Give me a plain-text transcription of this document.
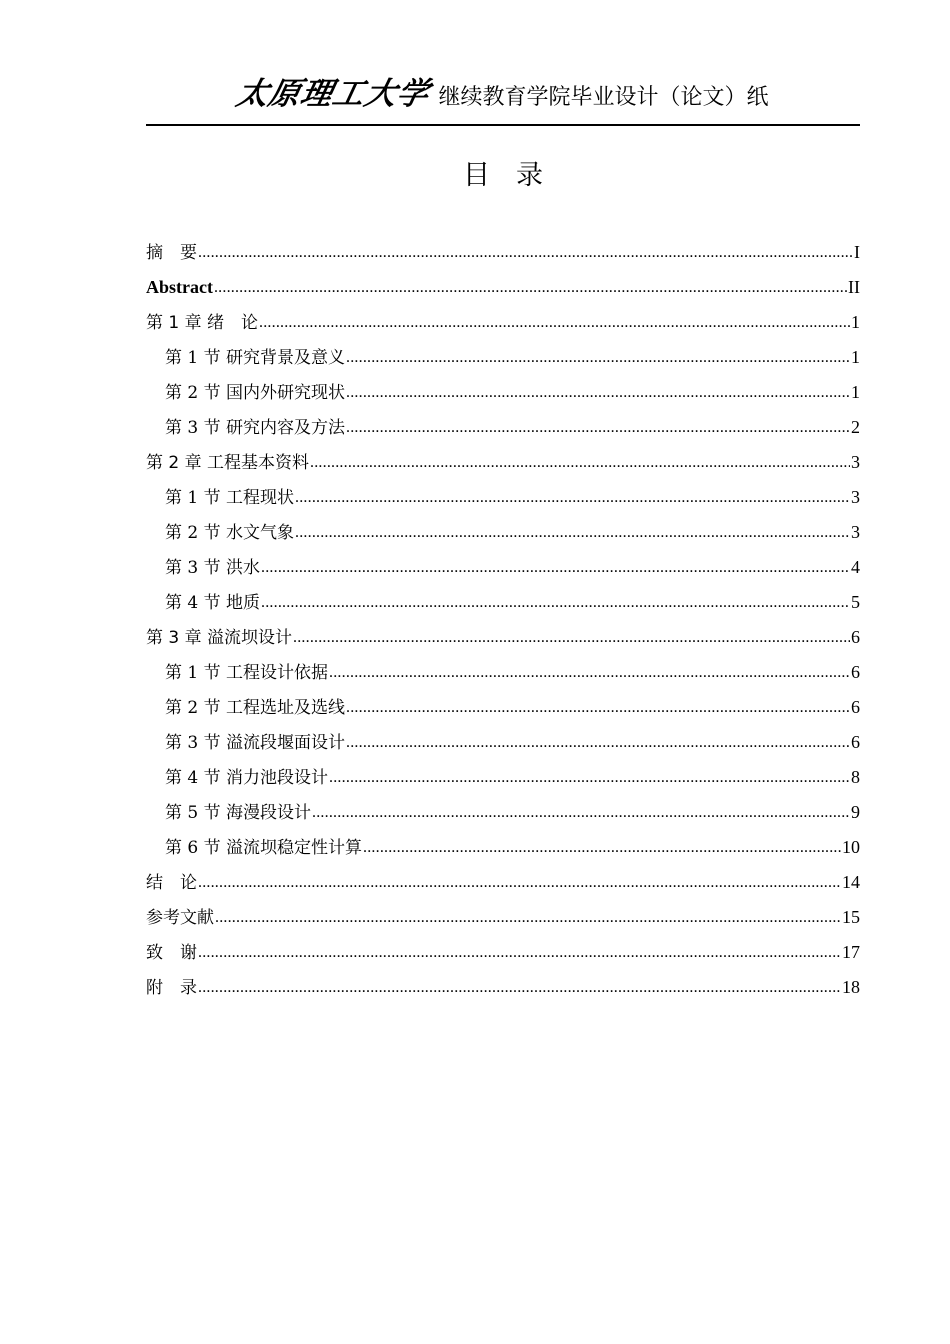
太原理工大学 继续教育学院毕业设计（论文）纸
目录
摘　要 .....	I
Abstract .....	II
第 1 章 绪　论 .....	1
第 1 节 研究背景及意义 .....	1
第 2 节 国内外研究现状 .....	1
第 3 节 研究内容及方法 .....	2
第 2 章 工程基本资料 .....	3
第 1 节 工程现状 .....	3
第 2 节 水文气象 .....	3
第 3 节 洪水 .....	4
第 4 节 地质 .....	5
第 3 章 溢流坝设计 .....	6
第 1 节 工程设计依据 .....	6
第 2 节 工程选址及选线 .....	6
第 3 节 溢流段堰面设计 .....	6
第 4 节 消力池段设计 .....	8
第 5 节 海漫段设计 .....	9
第 6 节 溢流坝稳定性计算 .....	10
结　论 .....	14
参考文献 .....	15
致　谢 .....	17
附　录 .....	18
